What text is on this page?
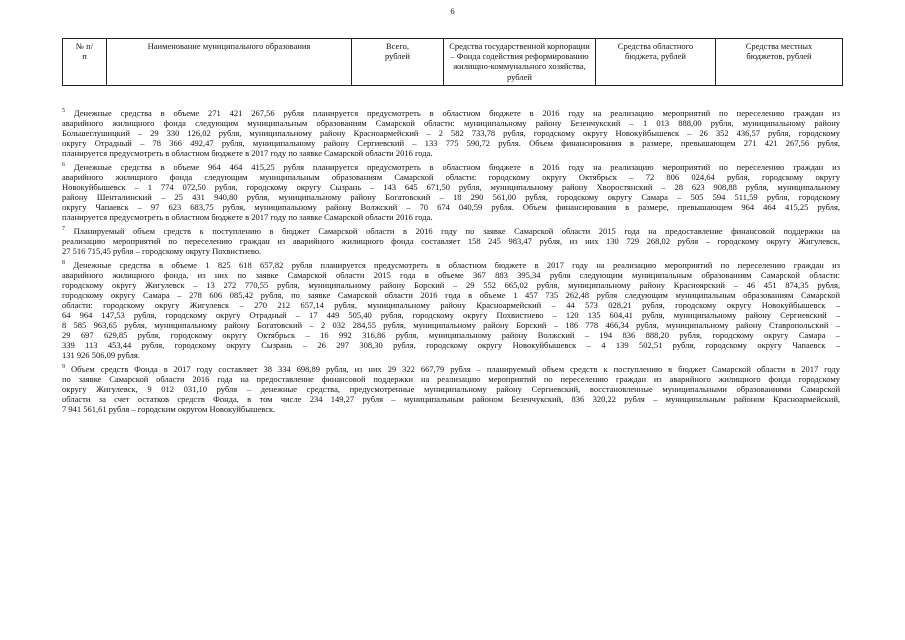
6
№ п/п	Наименование муниципального образования	Всего, рублей	Средства государственной корпорации – Фонда содействия реформированию жилищно-коммунального хозяйства, рублей	Средства областного бюджета, рублей	Средства местных бюджетов, рублей
$^5$ Денежные средства в объеме 271 421 267,56 рубля планируется предусмотреть в областном бюджете в 2016 году на реализацию мероприятий по переселению граждан из
аварийного жилищного фонда следующим муниципальным образованиям Самарской области: муниципальному району Безенчукский – 1 013 888,00 рубля, муниципальному району
Большеглушицкий – 29 330 126,02 рубля, муниципальному району Красноармейский – 2 582 733,78 рубля, городскому округу Новокуйбышевск – 26 352 436,57 рубля, городскому
округу Отрадный – 78 366 492,47 рубля, муниципальному району Сергиевский – 133 775 590,72 рубля. Объем финансирования в размере, превышающем 271 421 267,56 рубля,
планируется предусмотреть в областном бюджете в 2017 году по заявке Самарской области 2016 года.
$^6$ Денежные средства в объеме 964 464 415,25 рубля планируется предусмотреть в областном бюджете в 2016 году на реализацию мероприятий по переселению граждан из
аварийного жилищного фонда следующим муниципальным образованиям Самарской области: городскому округу Октябрьск – 72 806 024,64 рубля, городскому округу
Новокуйбышевск – 1 774 072,50 рубля, городскому округу Сызрань – 143 645 671,50 рубля, муниципальному району Хворостянский – 28 623 908,88 рубля, муниципальному
району Шенталинский – 25 431 940,80 рубля, муниципальному району Богатовский – 18 290 561,00 рубля, городскому округу Самара – 505 594 511,59 рубля, городскому
округу Чапаевск – 97 623 683,75 рубля, муниципальному району Волжский – 70 674 040,59 рубля. Объем финансирования в размере, превышающем 964 464 415,25 рубля,
планируется предусмотреть в областном бюджете в 2017 году по заявке Самарской области 2016 года.
$^7$ Планируемый объем средств к поступлению в бюджет Самарской области в 2016 году по заявке Самарской области 2015 года на предоставление финансовой поддержки на
реализацию мероприятий по переселению граждан из аварийного жилищного фонда составляет 158 245 983,47 рубля, из них 130 729 268,02 рубля – городскому округу Жигулевск,
27 516 715,45 рубля – городскому округу Похвистнево.
$^8$ Денежные средства в объеме 1 825 618 657,82 рубля планируется предусмотреть в областном бюджете в 2017 году на реализацию мероприятий по переселению граждан из
аварийного жилищного фонда, из них по заявке Самарской области 2015 года в объеме 367 883 395,34 рубля следующим муниципальным образованиям Самарской области:
городскому округу Жигулевск – 13 272 770,55 рубля, муниципальному району Борский – 29 552 665,02 рубля, муниципальному району Красноярский – 46 451 874,35 рубля,
городскому округу Самара – 278 606 085,42 рубля, по заявке Самарской области 2016 года в объеме 1 457 735 262,48 рубля следующим муниципальным образованиям Самарской
области: городскому округу Жигулевск – 270 212 657,14 рубля, муниципальному району Красноармейский – 44 573 028,21 рубля, городскому округу Новокуйбышевск –
64 964 147,53 рубля, городскому округу Отрадный – 17 449 505,40 рубля, городскому округу Похвистнево – 120 135 604,41 рубля, муниципальному району Сергиевский –
8 585 963,65 рубля, муниципальному району Богатовский – 2 032 284,55 рубля, муниципальному району Борский – 186 778 466,34 рубля, муниципальному району Ставропольский –
29 697 629,85 рубля, городскому округу Октябрьск – 16 992 316,86 рубля, муниципальному району Волжский – 194 836 888,20 рубля, городскому округу Самара –
339 113 453,44 рубля, городскому округу Сызрань – 26 297 308,30 рубля, городскому округу Новокуйбышевск – 4 139 502,51 рубля, городскому округу Чапаевск –
131 926 506,09 рубля.
$^9$ Объем средств Фонда в 2017 году составляет 38 334 698,89 рубля, из них 29 322 667,79 рубля – планируемый объем средств к поступлению в бюджет Самарской области в 2017 году
по заявке Самарской области 2016 года на предоставление финансовой поддержки на реализацию мероприятий по переселению граждан из аварийного жилищного фонда городскому
округу Жигулевск, 9 012 031,10 рубля – денежные средства, предусмотренные муниципальному району Сергиевский, восстановленные муниципальными образованиями Самарской
области за счет остатков средств Фонда, в том числе 234 149,27 рубля – муниципальным районом Безенчукский, 836 320,22 рубля – муниципальным районом Красноармейский,
7 941 561,61 рубля – городским округом Новокуйбышевск.
